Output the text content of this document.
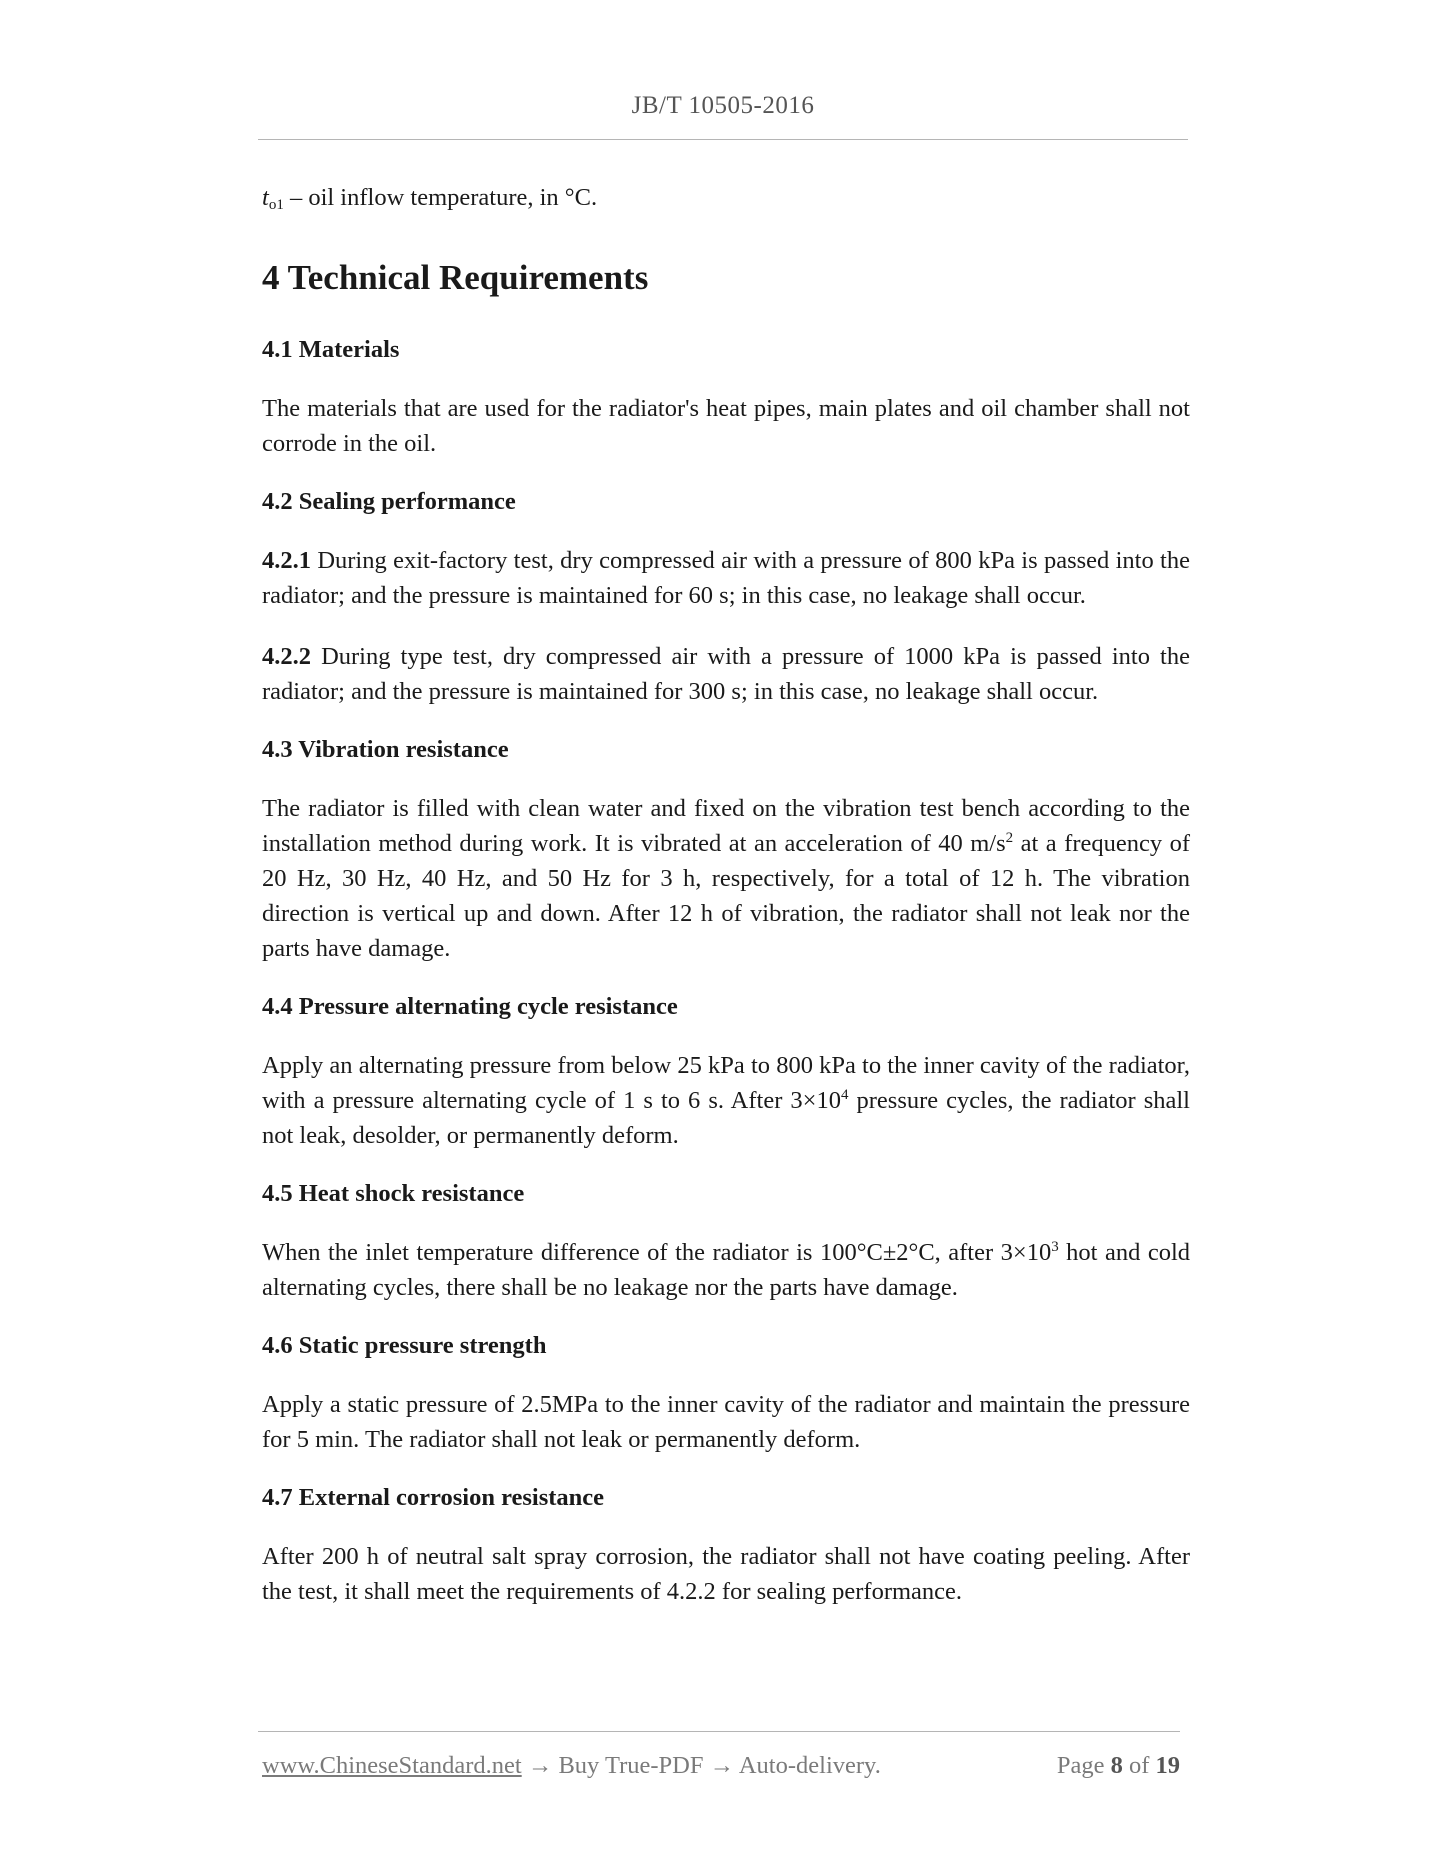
JB/T 10505-2016

$t_{o1}$ – oil inflow temperature, in °C.

4 Technical Requirements
4.1 Materials

The materials that are used for the radiator's heat pipes, main plates and oil chamber shall not corrode in the oil.

4.2 Sealing performance

4.2.1 During exit-factory test, dry compressed air with a pressure of 800 kPa is passed into the radiator; and the pressure is maintained for 60 s; in this case, no leakage shall occur.

4.2.2 During type test, dry compressed air with a pressure of 1000 kPa is passed into the radiator; and the pressure is maintained for 300 s; in this case, no leakage shall occur.

4.3 Vibration resistance

The radiator is filled with clean water and fixed on the vibration test bench according to the installation method during work. It is vibrated at an acceleration of 40 $m/s^2$ at a frequency of 20 Hz, 30 Hz, 40 Hz, and 50 Hz for 3 h, respectively, for a total of 12 h. The vibration direction is vertical up and down. After 12 h of vibration, the radiator shall not leak nor the parts have damage.

4.4 Pressure alternating cycle resistance

Apply an alternating pressure from below 25 kPa to 800 kPa to the inner cavity of the radiator, with a pressure alternating cycle of 1 s to 6 s. After $3\times 10^4$ pressure cycles, the radiator shall not leak, desolder, or permanently deform.

4.5 Heat shock resistance

When the inlet temperature difference of the radiator is 100°C±2°C, after $3\times 10^3$ hot and cold alternating cycles, there shall be no leakage nor the parts have damage.

4.6 Static pressure strength

Apply a static pressure of 2.5MPa to the inner cavity of the radiator and maintain the pressure for 5 min. The radiator shall not leak or permanently deform.

4.7 External corrosion resistance

After 200 h of neutral salt spray corrosion, the radiator shall not have coating peeling. After the test, it shall meet the requirements of 4.2.2 for sealing performance.

www.ChineseStandard.net → Buy True-PDF → Auto-delivery.	Page 8 of 19
